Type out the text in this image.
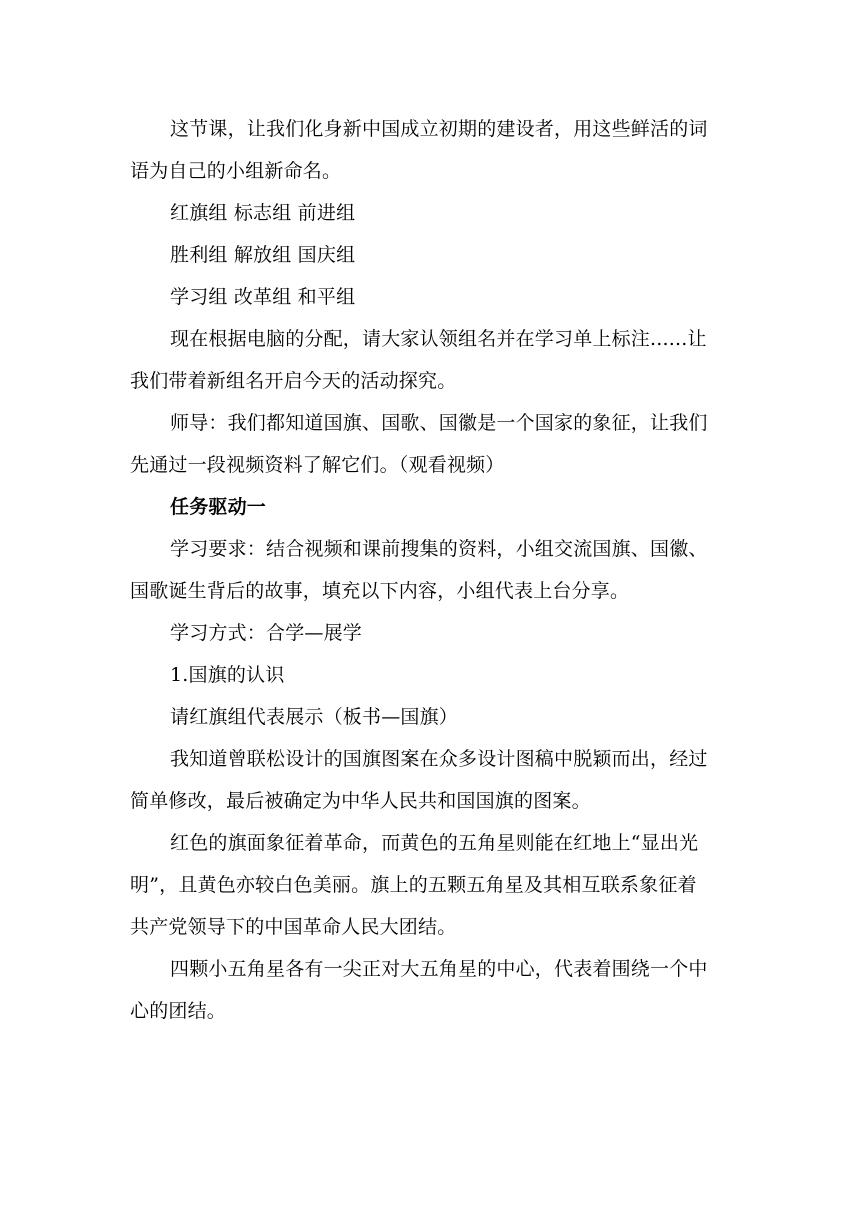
这节课，让我们化身新中国成立初期的建设者，用这些鲜活的词
语为自己的小组新命名。

红旗组 标志组 前进组

胜利组 解放组 国庆组

学习组 改革组 和平组

现在根据电脑的分配，请大家认领组名并在学习单上标注......让
我们带着新组名开启今天的活动探究。

师导：我们都知道国旗、国歌、国徽是一个国家的象征，让我们
先通过一段视频资料了解它们。（观看视频）

任务驱动一

学习要求：结合视频和课前搜集的资料，小组交流国旗、国徽、
国歌诞生背后的故事，填充以下内容，小组代表上台分享。

学习方式：合学—展学

1.国旗的认识

请红旗组代表展示（板书—国旗）

我知道曾联松设计的国旗图案在众多设计图稿中脱颖而出，经过
简单修改，最后被确定为中华人民共和国国旗的图案。

红色的旗面象征着革命，而黄色的五角星则能在红地上“显出光
明”，且黄色亦较白色美丽。旗上的五颗五角星及其相互联系象征着
共产党领导下的中国革命人民大团结。

四颗小五角星各有一尖正对大五角星的中心，代表着围绕一个中
心的团结。
